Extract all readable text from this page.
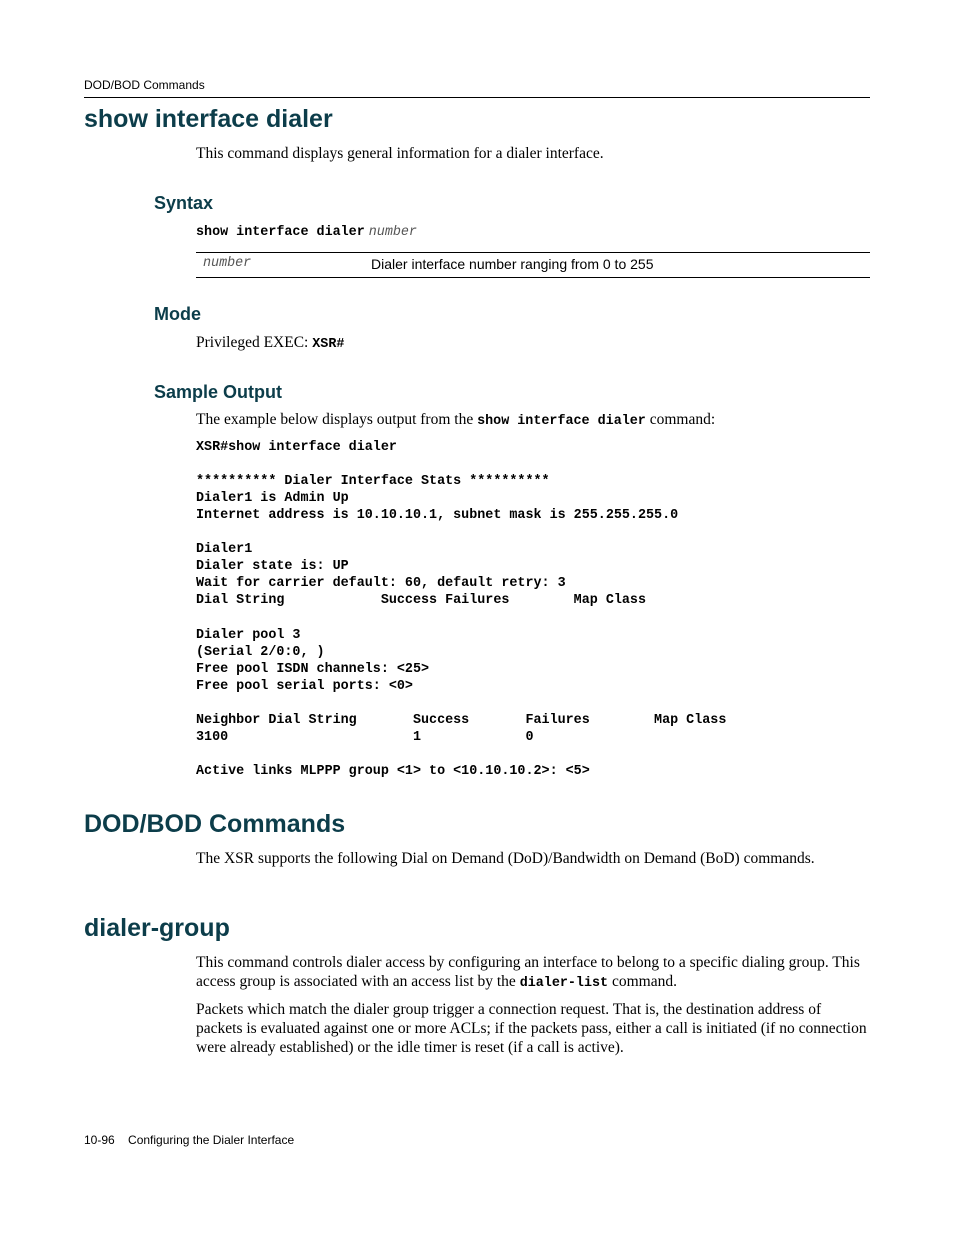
DOD/BOD Commands
show interface dialer
This command displays general information for a dialer interface.
Syntax
show interface dialer number
number	Dialer interface number ranging from 0 to 255
Mode
Privileged EXEC: XSR#
Sample Output
The example below displays output from the show interface dialer command:
XSR#show interface dialer

********** Dialer Interface Stats **********
Dialer1 is Admin Up
Internet address is 10.10.10.1, subnet mask is 255.255.255.0

Dialer1
Dialer state is: UP
Wait for carrier default: 60, default retry: 3
Dial String            Success Failures        Map Class

Dialer pool 3
(Serial 2/0:0, )
Free pool ISDN channels: <25>
Free pool serial ports: <0>

Neighbor Dial String       Success       Failures        Map Class
3100                       1             0

Active links MLPPP group <1> to <10.10.10.2>: <5>
DOD/BOD Commands
The XSR supports the following Dial on Demand (DoD)/Bandwidth on Demand (BoD) commands.
dialer-group
This command controls dialer access by configuring an interface to belong to a specific dialing group. This access group is associated with an access list by the dialer-list command.
Packets which match the dialer group trigger a connection request. That is, the destination address of packets is evaluated against one or more ACLs; if the packets pass, either a call is initiated (if no connection were already established) or the idle timer is reset (if a call is active).
10-96 Configuring the Dialer Interface
